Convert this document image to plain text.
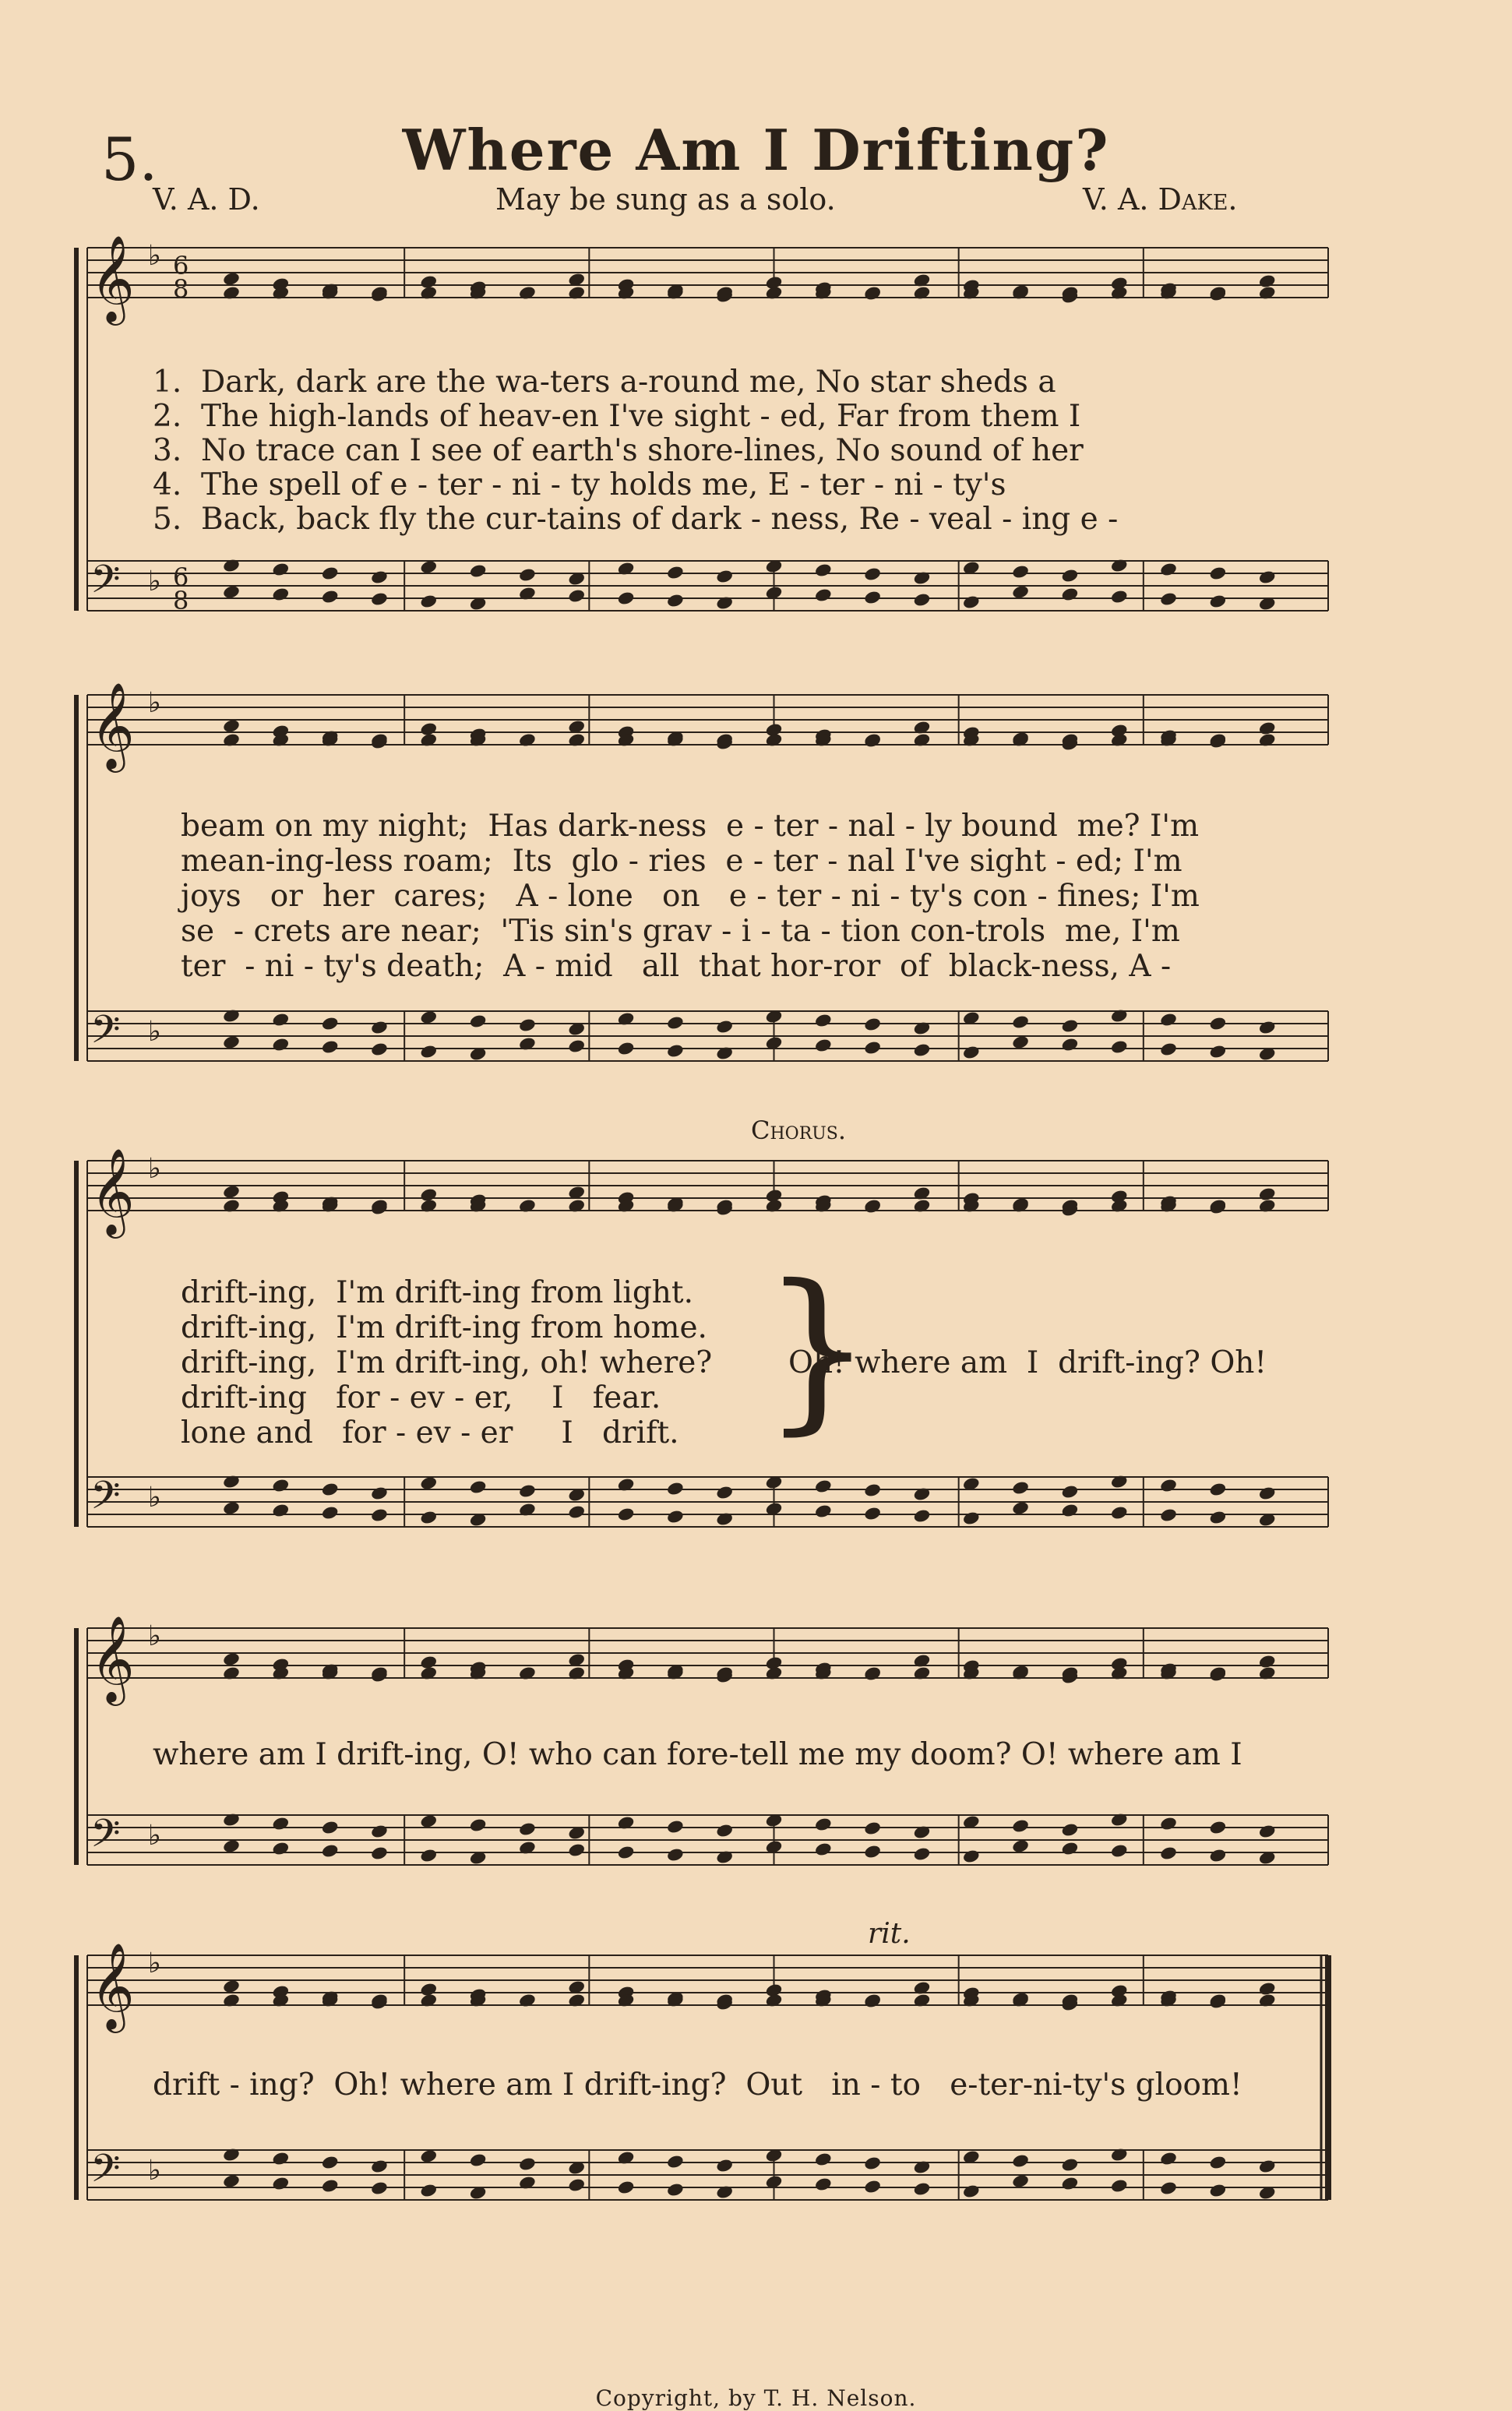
5.	Where Am I Drifting?
V. A. D.	May be sung as a solo.	V. A. Dake.
𝄞
𝄢
♭
♭
𝄞
𝄢
♭
♭
𝄞
𝄢
♭
♭
𝄞
𝄢
♭
♭
𝄞
𝄢
♭
♭
6
8
6
8
1. Dark, dark are the wa-ters a-round me, No star sheds a
2. The high-lands of heav-en I've sight - ed, Far from them I
3. No trace can I see of earth's shore-lines, No sound of her
4. The spell of e - ter - ni - ty holds me, E - ter - ni - ty's
5. Back, back fly the cur-tains of dark - ness, Re - veal - ing e -
beam on my night;  Has dark-ness  e - ter - nal - ly bound  me? I'm
mean-ing-less roam;  Its  glo - ries  e - ter - nal I've sight - ed; I'm
joys   or  her  cares;   A - lone   on   e - ter - ni - ty's con - fines; I'm
se  - crets are near;  'Tis sin's grav - i - ta - tion con-trols  me, I'm
ter  - ni - ty's death;  A - mid   all  that hor-ror  of  black-ness, A -
Chorus.
drift-ing,  I'm drift-ing from light.
drift-ing,  I'm drift-ing from home.
drift-ing,  I'm drift-ing, oh! where?
drift-ing   for - ev - er,    I   fear.
lone and   for - ev - er     I   drift. }
Oh! where am  I  drift-ing? Oh!
where am I drift-ing, O! who can fore-tell me my doom? O! where am I
rit.
drift - ing?  Oh! where am I drift-ing?  Out   in - to   e-ter-ni-ty's gloom!
Copyright, by T. H. Nelson.
